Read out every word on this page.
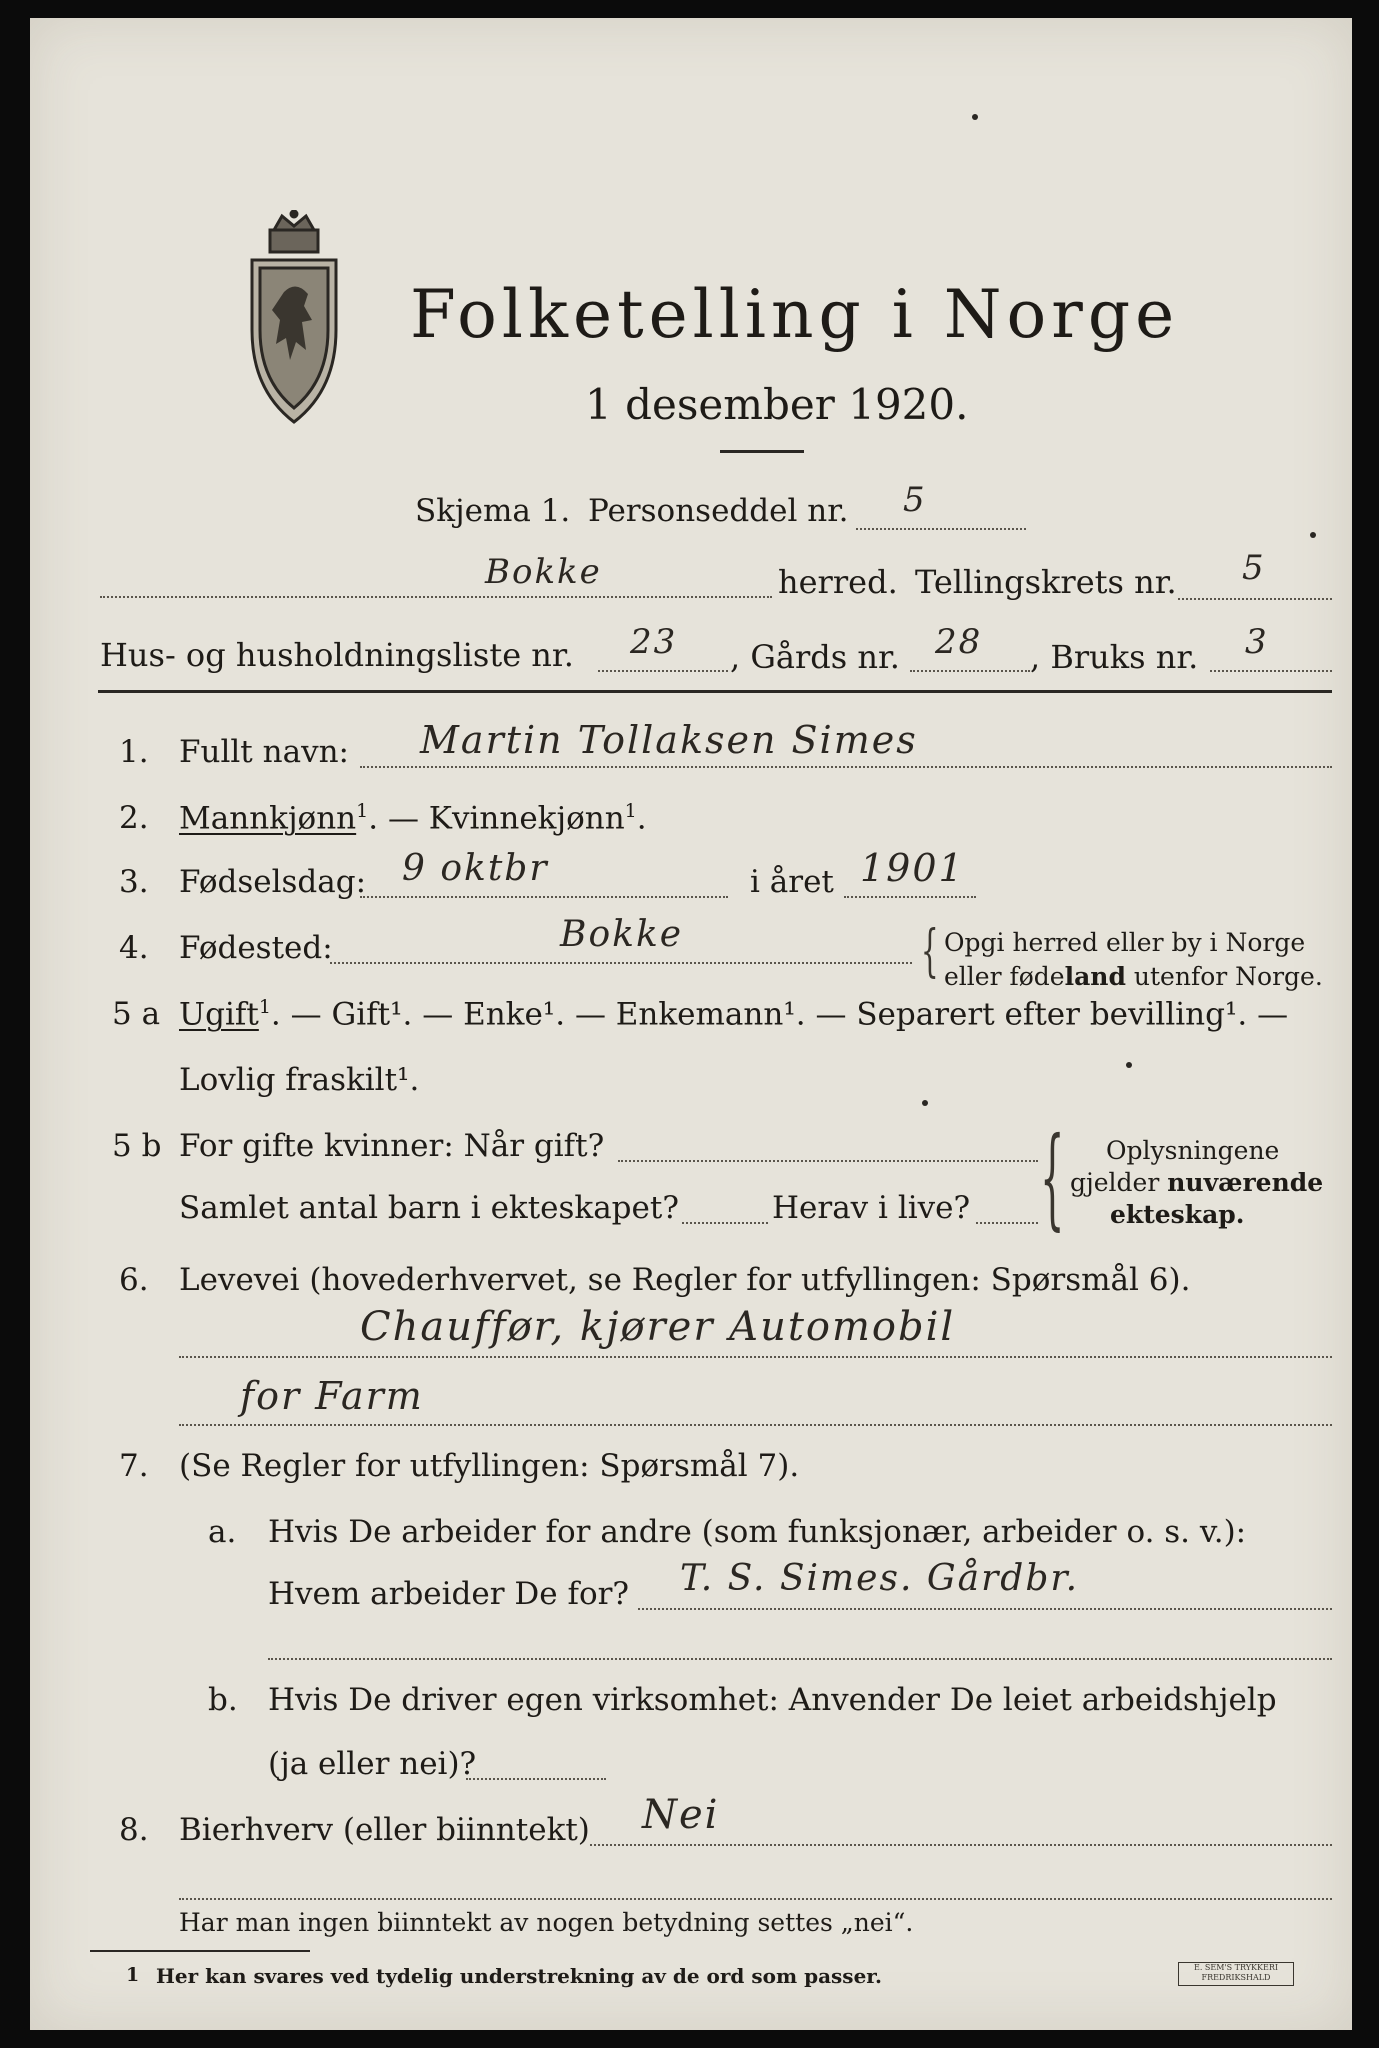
Folketelling i Norge
1 desember 1920.
Skjema 1. Personseddel nr. 5
Bokke	herred. Tellingskrets nr. 5
Hus- og husholdningsliste nr. 23 , Gårds nr. 28 , Bruks nr. 3
1. Fullt navn: Martin Tollaksen Simes
2. Mannkjønn$^1$. — Kvinnekjønn$^1$.
3. Fødselsdag: 9 oktbr	i året 1901
4. Fødested:	Bokke	{ Opgi herred eller by i Norge
eller fødeland utenfor Norge.
5 a Ugift$^1$. — Gift¹. — Enke¹. — Enkemann¹. — Separert efter bevilling¹. —
Lovlig fraskilt¹.
5 b For gifte kvinner: Når gift?
Samlet antal barn i ekteskapet?	Herav i live? { Oplysningene
gjelder nuværende
ekteskap.
6. Levevei (hovederhvervet, se Regler for utfyllingen: Spørsmål 6).
Chauffør, kjører Automobil
for Farm
7. (Se Regler for utfyllingen: Spørsmål 7).
a. Hvis De arbeider for andre (som funksjonær, arbeider o. s. v.):
Hvem arbeider De for? T. S. Simes. Gårdbr.
b. Hvis De driver egen virksomhet: Anvender De leiet arbeidshjelp
(ja eller nei)?
8. Bierhverv (eller biinntekt) Nei
Har man ingen biinntekt av nogen betydning settes „nei“.
1 Her kan svares ved tydelig understrekning av de ord som passer.	E. SEM'S TRYKKERI
FREDRIKSHALD
